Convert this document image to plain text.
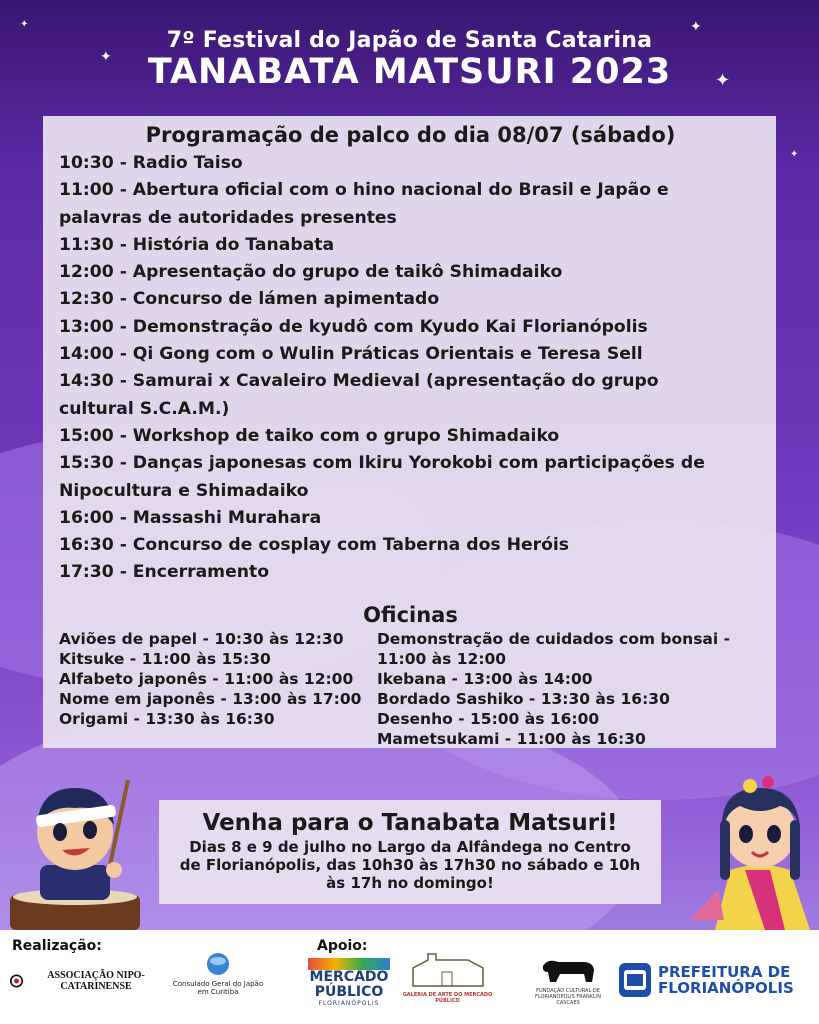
✦
✦
✦
✦
✦
7º Festival do Japão de Santa Catarina
TANABATA MATSURI 2023
Programação de palco do dia 08/07 (sábado)
10:30 - Radio Taiso
11:00 - Abertura oficial com o hino nacional do Brasil e Japão e
palavras de autoridades presentes
11:30 - História do Tanabata
12:00 - Apresentação do grupo de taikô Shimadaiko
12:30 - Concurso de lámen apimentado
13:00 - Demonstração de kyudô com Kyudo Kai Florianópolis
14:00 - Qi Gong com o Wulin Práticas Orientais e Teresa Sell
14:30 - Samurai x Cavaleiro Medieval (apresentação do grupo
cultural S.C.A.M.)
15:00 - Workshop de taiko com o grupo Shimadaiko
15:30 - Danças japonesas com Ikiru Yorokobi com participações de
Nipocultura e Shimadaiko
16:00 - Massashi Murahara
16:30 - Concurso de cosplay com Taberna dos Heróis
17:30 - Encerramento
Oficinas
Aviões de papel - 10:30 às 12:30
Kitsuke - 11:00 às 15:30
Alfabeto japonês - 11:00 às 12:00
Nome em japonês - 13:00 às 17:00
Origami - 13:30 às 16:30
Demonstração de cuidados com bonsai -
11:00 às 12:00
Ikebana - 13:00 às 14:00
Bordado Sashiko - 13:30 às 16:30
Desenho - 15:00 às 16:00
Mametsukami - 11:00 às 16:30
Venha para o Tanabata Matsuri!
Dias 8 e 9 de julho no Largo da Alfândega no Centro
de Florianópolis, das 10h30 às 17h30 no sábado e 10h
às 17h no domingo!
Realização:	Apoio:
ASSOCIAÇÃO NIPO-CATARINENSE	Consulado Geral do Japão
em Curitiba
MERCADO
PÚBLICO
FLORIANÓPOLIS
GALERIA DE ARTE DO MERCADO PÚBLICO
FUNDAÇÃO CULTURAL DE FLORIANÓPOLIS FRANKLIN CASCAES
PREFEITURA DE
FLORIANÓPOLIS
